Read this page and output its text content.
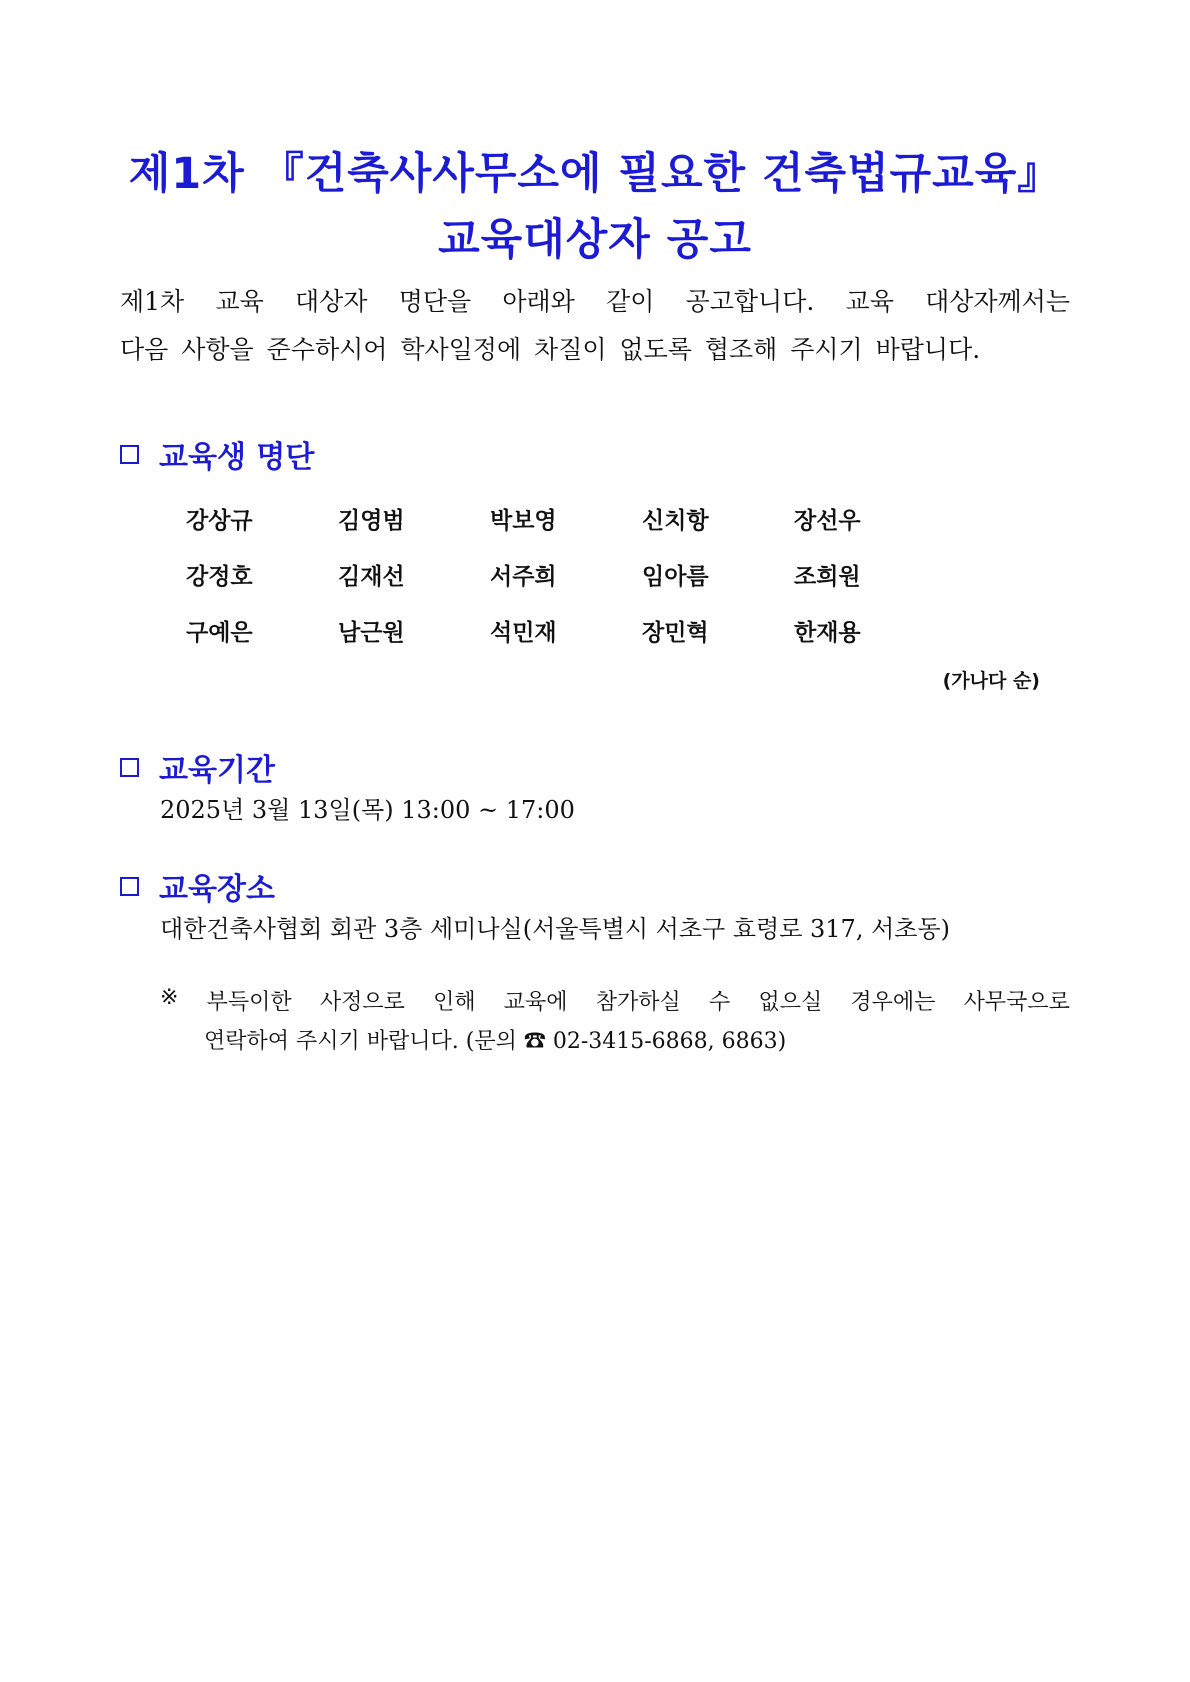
제1차 『건축사사무소에 필요한 건축법규교육』
교육대상자 공고

제1차 교육 대상자 명단을 아래와 같이 공고합니다. 교육 대상자께서는

다음 사항을 준수하시어 학사일정에 차질이 없도록 협조해 주시기 바랍니다.

교육생 명단
강상규	김영범	박보영	신치항	장선우
강정호	김재선	서주희	임아름	조희원
구예은	남근원	석민재	장민혁	한재용
(가나다 순)
교육기간

2025년 3월 13일(목) 13:00 ~ 17:00

교육장소

대한건축사협회 회관 3층 세미나실(서울특별시 서초구 효령로 317, 서초동)

※ 부득이한 사정으로 인해 교육에 참가하실 수 없으실 경우에는 사무국으로
연락하여 주시기 바랍니다. (문의 ☎ 02-3415-6868, 6863)
